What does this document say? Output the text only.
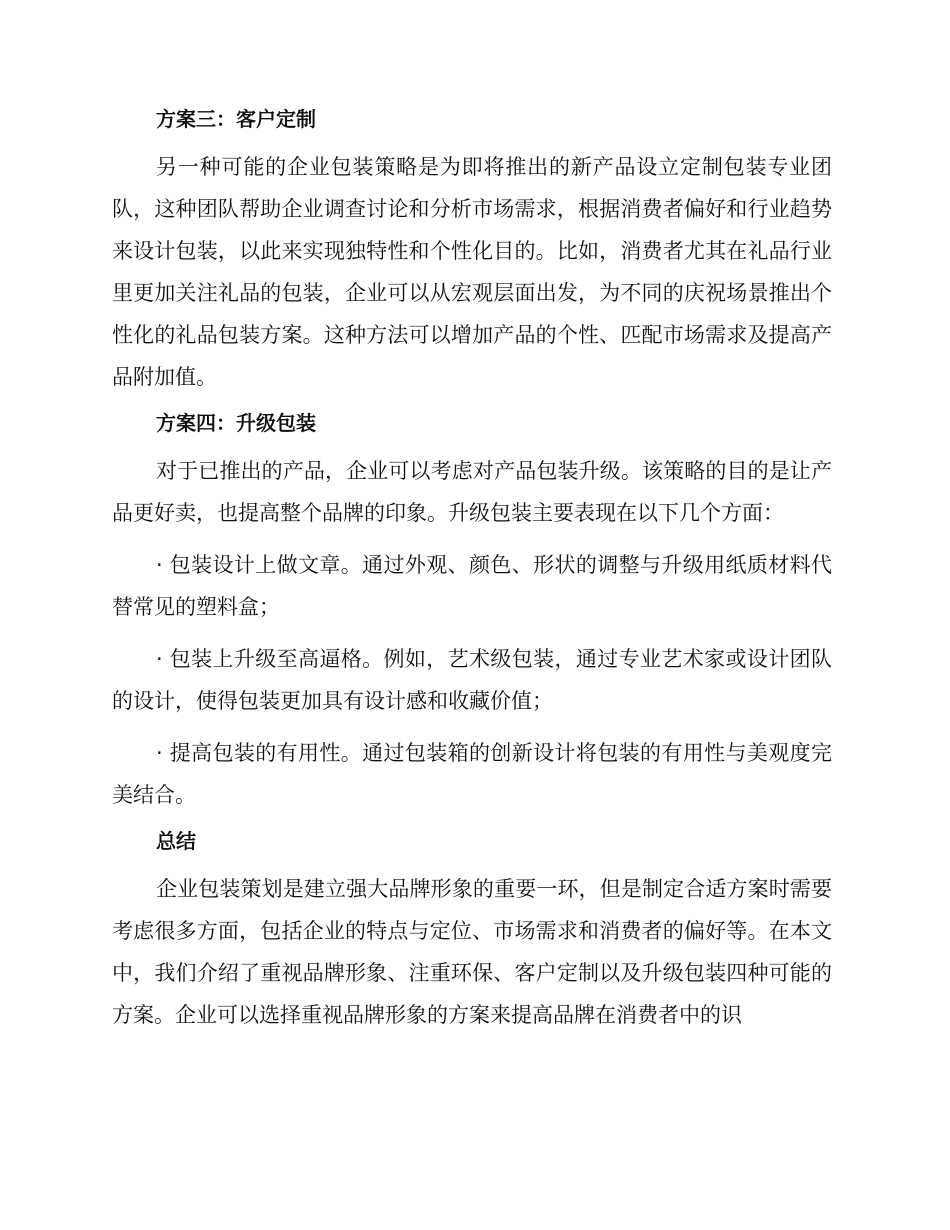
方案三：客户定制

另一种可能的企业包装策略是为即将推出的新产品设立定制包装专业团队，这种团队帮助企业调查讨论和分析市场需求，根据消费者偏好和行业趋势来设计包装，以此来实现独特性和个性化目的。比如，消费者尤其在礼品行业里更加关注礼品的包装，企业可以从宏观层面出发，为不同的庆祝场景推出个性化的礼品包装方案。这种方法可以增加产品的个性、匹配市场需求及提高产品附加值。

方案四：升级包装

对于已推出的产品，企业可以考虑对产品包装升级。该策略的目的是让产品更好卖，也提高整个品牌的印象。升级包装主要表现在以下几个方面：

· 包装设计上做文章。通过外观、颜色、形状的调整与升级用纸质材料代替常见的塑料盒；

· 包装上升级至高逼格。例如，艺术级包装，通过专业艺术家或设计团队的设计，使得包装更加具有设计感和收藏价值；

· 提高包装的有用性。通过包装箱的创新设计将包装的有用性与美观度完美结合。

总结

企业包装策划是建立强大品牌形象的重要一环，但是制定合适方案时需要考虑很多方面，包括企业的特点与定位、市场需求和消费者的偏好等。在本文中，我们介绍了重视品牌形象、注重环保、客户定制以及升级包装四种可能的方案。企业可以选择重视品牌形象的方案来提高品牌在消费者中的识
